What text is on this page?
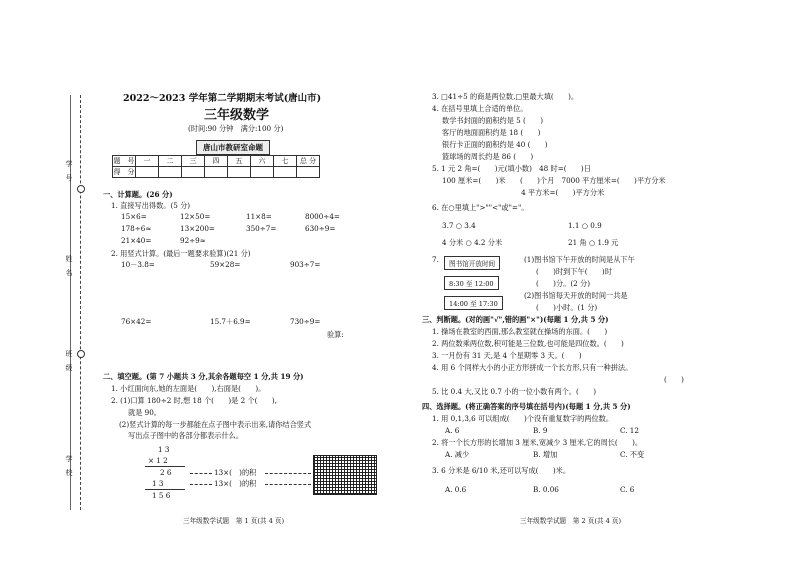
学　号
姓　名
班　级
学　校
2022～2023 学年第二学期期末考试(唐山市)
三年级数学
(时间:90 分钟　满分:100 分)
唐山市教研室命题
题　号	一	二	三	四	五	六	七	总 分
得　分								
一、计算题。(26 分)
1. 直接写出得数。(5 分)
15×6=	12×50=	11×8=	8000÷4=
178÷6≈	13×200=	350÷7=	630÷9=
21×40=	92÷9≈
2. 用竖式计算。(最后一题要求验算)(21 分)
10－3.8=	59×28=	903÷7=
76×42=	15.7＋6.9=	730÷9=
验算:
二、填空题。(第 7 小题共 3 分,其余各题每空 1 分,共 19 分)
1. 小红面向东,她的左面是(　　),右面是(　　)。
2. (1)口算 180÷2 时,想 18 个(　　)是 2 个(　　),
就是 90。
(2)竖式计算的每一步都能在点子图中表示出来,请你结合竖式
写出点子图中的各部分都表示什么。
1 3
× 1 2
2 6
1 3
1 5 6
13×(　)的积
13×(　)的积
三年级数学试题　第 1 页(共 4 页)
3. □41÷5 的商是两位数,□里最大填(　　)。
4. 在括号里填上合适的单位。
数学书封面的面积约是 5 (　　)
客厅的地面面积约是 18 (　　)
银行卡正面的面积约是 40 (　　)
篮球场的周长约是 86 (　　)
5. 1 元 2 角=(　　)元(填小数)　48 时=(　　)日
100 厘米=(　　)米　　(　　)个月　7000 平方厘米=(　　)平方分米
　　　　　　　　　　　4 平方米=(　　)平方分米
6. 在○里填上">""<"或"="。
3.7 ○ 3.4	1.1 ○ 0.9
4 分米 ○ 4.2 分米	21 角 ○ 1.9 元
7.	图书馆开放时间
8:30 至 12:00
14:00 至 17:30
(1)图书馆下午开放的时间是从下午
(　　)时到下午(　　)时
(　　)分。(2 分)
(2)图书馆每天开放的时间一共是
(　　)小时。(1 分)
三、判断题。(对的画"√",错的画"×")(每题 1 分,共 5 分)
1. 操场在教室的西面,那么教室就在操场的东面。(　　)
2. 两位数乘两位数,积可能是三位数,也可能是四位数。(　　)
3. 一月份有 31 天,是 4 个星期零 3 天。(　　)
4. 用 6 个同样大小的小正方形拼成一个长方形,只有一种拼法。
(　　)
5. 比 0.4 大,又比 0.7 小的一位小数有两个。(　　)
四、选择题。(将正确答案的序号填在括号内)(每题 1 分,共 5 分)
1. 用 0,1,3,6 可以组成(　　)个没有重复数字的两位数。
A. 6	B. 9	C. 12
2. 将一个长方形的长增加 3 厘米,宽减少 3 厘米,它的周长(　　)。
A. 减少	B. 增加	C. 不变
3. 6 分米是 6/10 米,还可以写成(　　)米。
A. 0.6	B. 0.06	C. 6
三年级数学试题　第 2 页(共 4 页)
